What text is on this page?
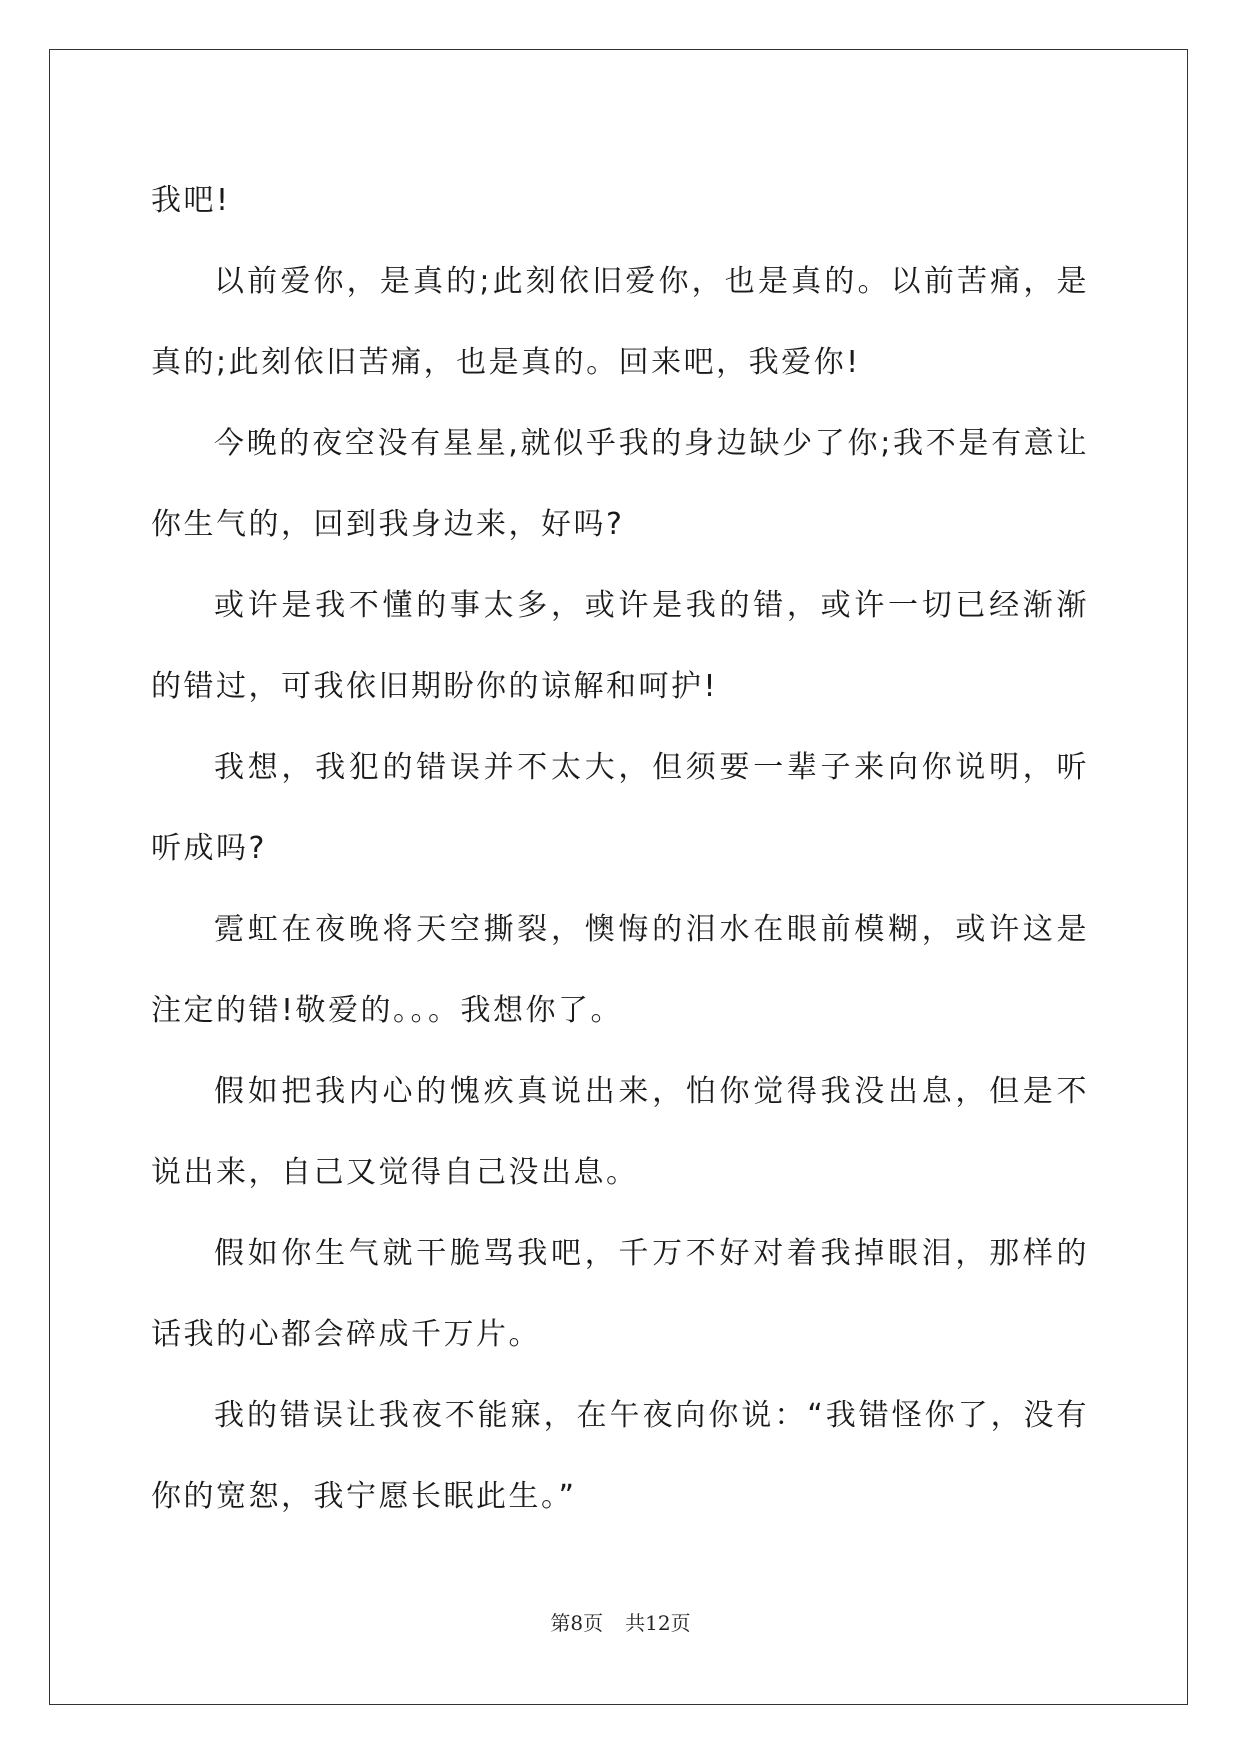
我吧!

以前爱你，是真的;此刻依旧爱你，也是真的。以前苦痛，是真的;此刻依旧苦痛，也是真的。回来吧，我爱你!

今晚的夜空没有星星,就似乎我的身边缺少了你;我不是有意让你生气的，回到我身边来，好吗?

或许是我不懂的事太多，或许是我的错，或许一切已经渐渐的错过，可我依旧期盼你的谅解和呵护!

我想，我犯的错误并不太大，但须要一辈子来向你说明，听听成吗?

霓虹在夜晚将天空撕裂，懊悔的泪水在眼前模糊，或许这是注定的错!敬爱的。。。我想你了。

假如把我内心的愧疚真说出来，怕你觉得我没出息，但是不说出来，自己又觉得自己没出息。

假如你生气就干脆骂我吧，千万不好对着我掉眼泪，那样的话我的心都会碎成千万片。

我的错误让我夜不能寐，在午夜向你说：“我错怪你了，没有你的宽恕，我宁愿长眠此生。”

第8页 共12页
